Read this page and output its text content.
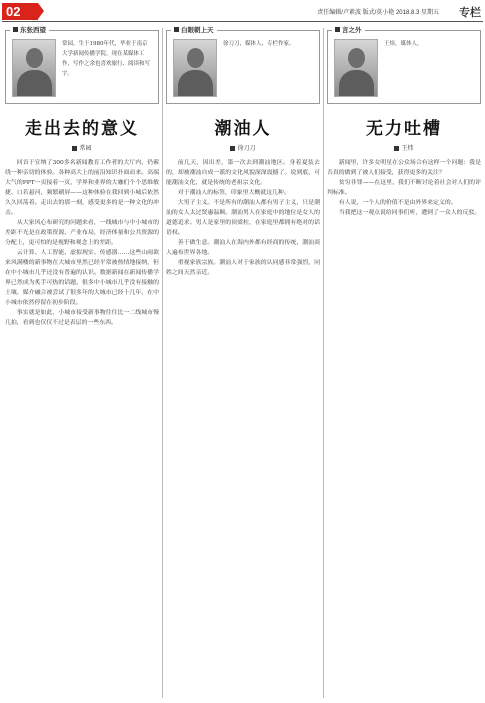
02	责任编辑/卢素波 版式/莫小艳 2018.8.3 星期五 专栏
东张西望
常园，生于1980年代，毕业于南京大学新闻传播学院，现在某媒体工作，写作之余也喜欢旅行、阅读和写字。
走出去的意义
常园

回首于宣纳了300多名新闻教育工作者的大厅内，仍萦绕一种亲切的体验。各种高大上的前沿知识扑面而来。高端大气的PPT一页接着一页，学界和业界的大咖们个个思维敏捷、口若悬河，频繁刷屏——这种体验在我回到小城后依然久久回荡着。走出去的那一刻，感受更多的是一种文化的冲击。

从大家风心布研究的问题来看，一线城市与中小城市的差距不光是在政策资源、产业布局，经济体量和公共资源的分配上，更可怕的是视野和观念上的差距。

云计算、人工智能、虚拟现实、传感器……这些山雨欲来风满楼的新事物在大城市里然已经平常被热情地接纳，但在中小城市几乎还没有普遍的认识。数据新闻在新闻传播学界已然成为炙手可热的话题，很多中小城市几乎没有接触的土壤，媒介融合被尝试了很多年的大城市已经十几年，在中小城市依然停留在初步阶段。

事实就是如此，小城市接受新事物往往比一二线城市慢几拍，看到也仅仅不过是表层的一些东西。

白眼朝上天
徐刀刀，媒体人、专栏作家。
潮油人
徐刀刀

前几天，因出差，第一次去到潮汕地区。身着夏装去的，却被潮汕自成一派的文化风貌深深震撼了。说到底，可能潮汕文化，就是传统的老祖宗文化。

对于潮汕人的标签，印象里大概就这几种。

大男子主义。不是所有的潮汕人都有男子主义，只是潮汕的女人太过贤惠温顺。潮汕男人在家庭中的地位是女人的道德追求。男人是家里的顶梁柱，在家庭里都拥有绝对的话语权。

善于做生意。潮汕人在海内外都有经商的传统，潮汕商人遍布世界各地。

重视家族宗族。潮汕人对于家族的认同感非常强烈，同姓之间天然亲近。

言之外
王炜，媒体人。
无力吐槽
王炜

新闻里，许多女明星在公众场合有这样一个问题：我是否真的做到了被人们接受，获得更多的关注？

贫穷非罪——在这里，我们不断讨论着社会对人们的评判标准。

有人说，一个人的价值不是由外界来定义的。

当我把这一观点说给同事们听，遭到了一众人的反驳。
